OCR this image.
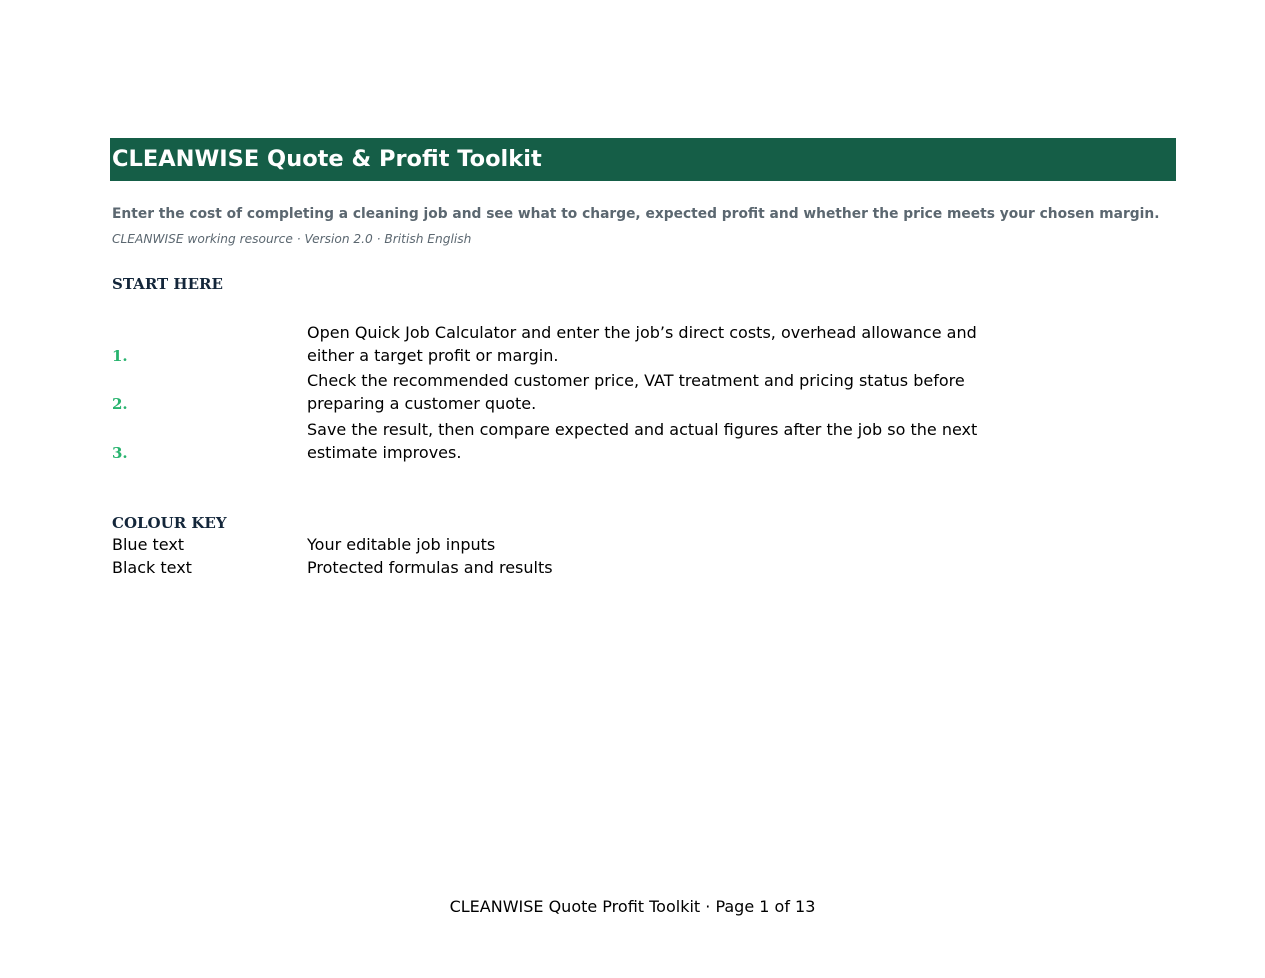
CLEANWISE Quote & Profit Toolkit
Enter the cost of completing a cleaning job and see what to charge, expected profit and whether the price meets your chosen margin.
CLEANWISE working resource · Version 2.0 · British English
START HERE
1.
Open Quick Job Calculator and enter the job’s direct costs, overhead allowance and either a target profit or margin.
2.
Check the recommended customer price, VAT treatment and pricing status before preparing a customer quote.
3.
Save the result, then compare expected and actual figures after the job so the next estimate improves.
COLOUR KEY
Blue text	Your editable job inputs
Black text	Protected formulas and results
CLEANWISE Quote Profit Toolkit · Page 1 of 13
